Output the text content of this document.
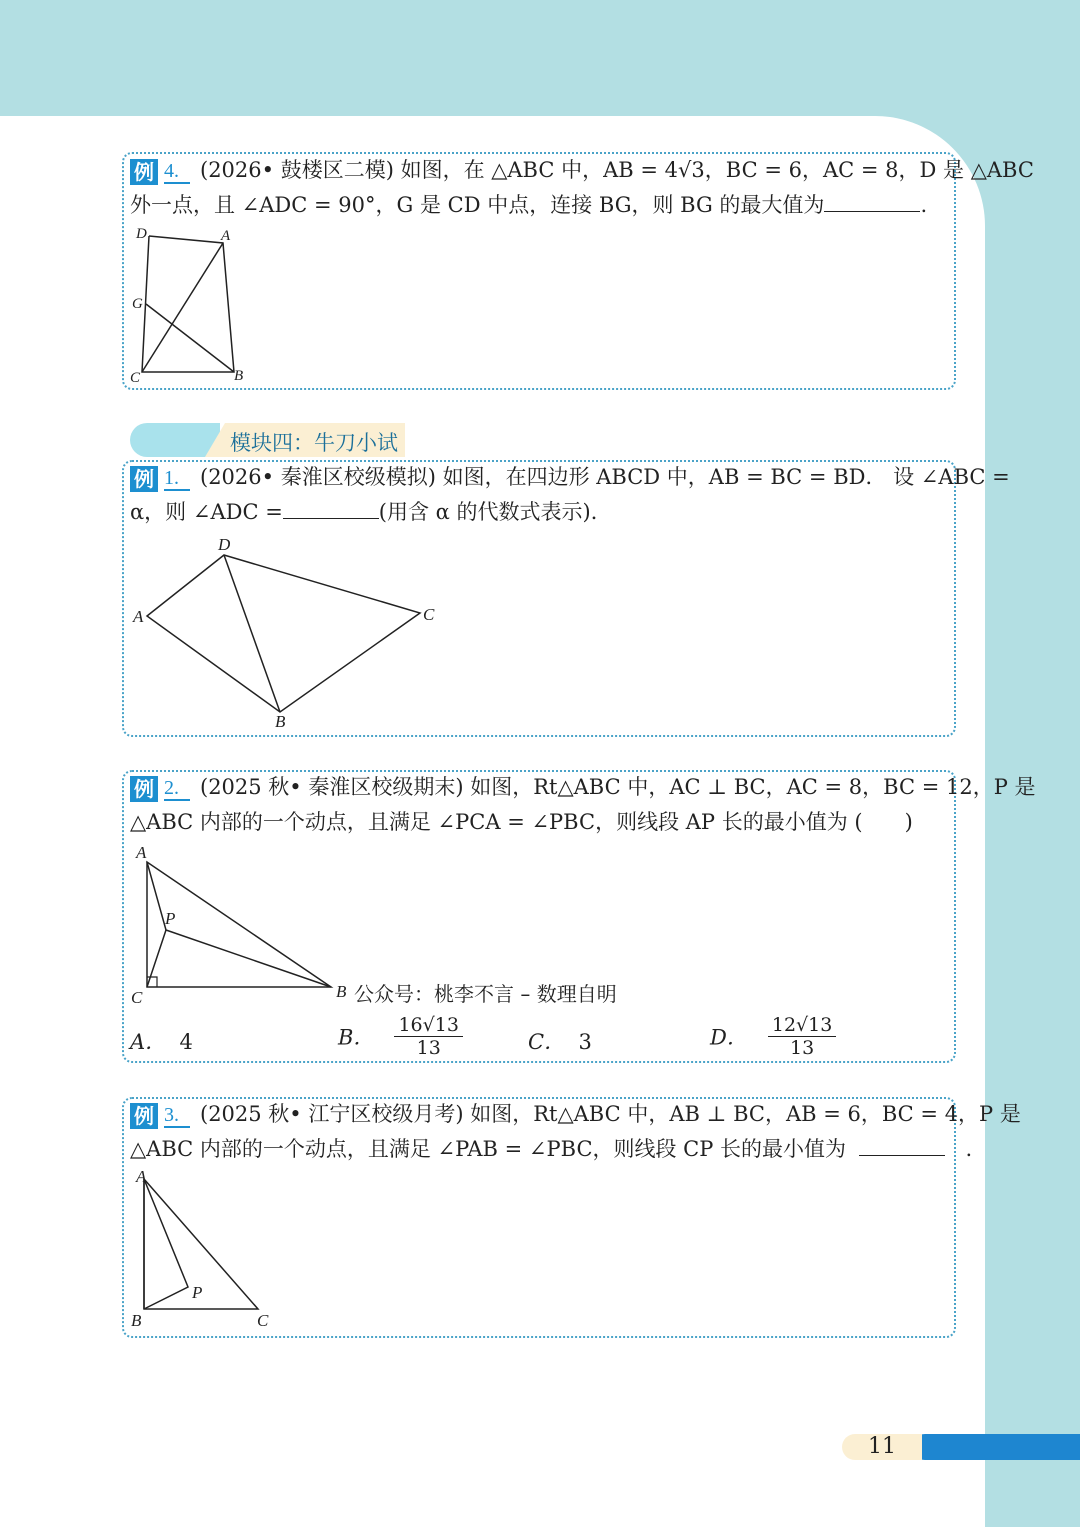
例 4. (2026• 鼓楼区二模) 如图，在 △ABC 中，AB = 4√3，BC = 6，AC = 8，D 是 △ABC
外一点，且 ∠ADC = 90°，G 是 CD 中点，连接 BG，则 BG 的最大值为	.
D	A
G
C	B
模块四：牛刀小试
例 1. (2026• 秦淮区校级模拟) 如图，在四边形 ABCD 中，AB = BC = BD． 设 ∠ABC =
α，则 ∠ADC =	(用含 α 的代数式表示)．
D
A	C
B
例 2. (2025 秋• 秦淮区校级期末) 如图，Rt△ABC 中，AC ⊥ BC，AC = 8，BC = 12，P 是
△ABC 内部的一个动点，且满足 ∠PCA = ∠PBC，则线段 AP 长的最小值为 (　　)
A
P
C	B 公众号：桃李不言 – 数理自明
A． 4	B． $\frac{16√13}{13}$	C． 3	D． $\frac{12√13}{13}$
例 3. (2025 秋• 江宁区校级月考) 如图，Rt△ABC 中，AB ⊥ BC，AB = 6，BC = 4，P 是
△ABC 内部的一个动点，且满足 ∠PAB = ∠PBC，则线段 CP 长的最小值为	.
A
P
B	C
11
